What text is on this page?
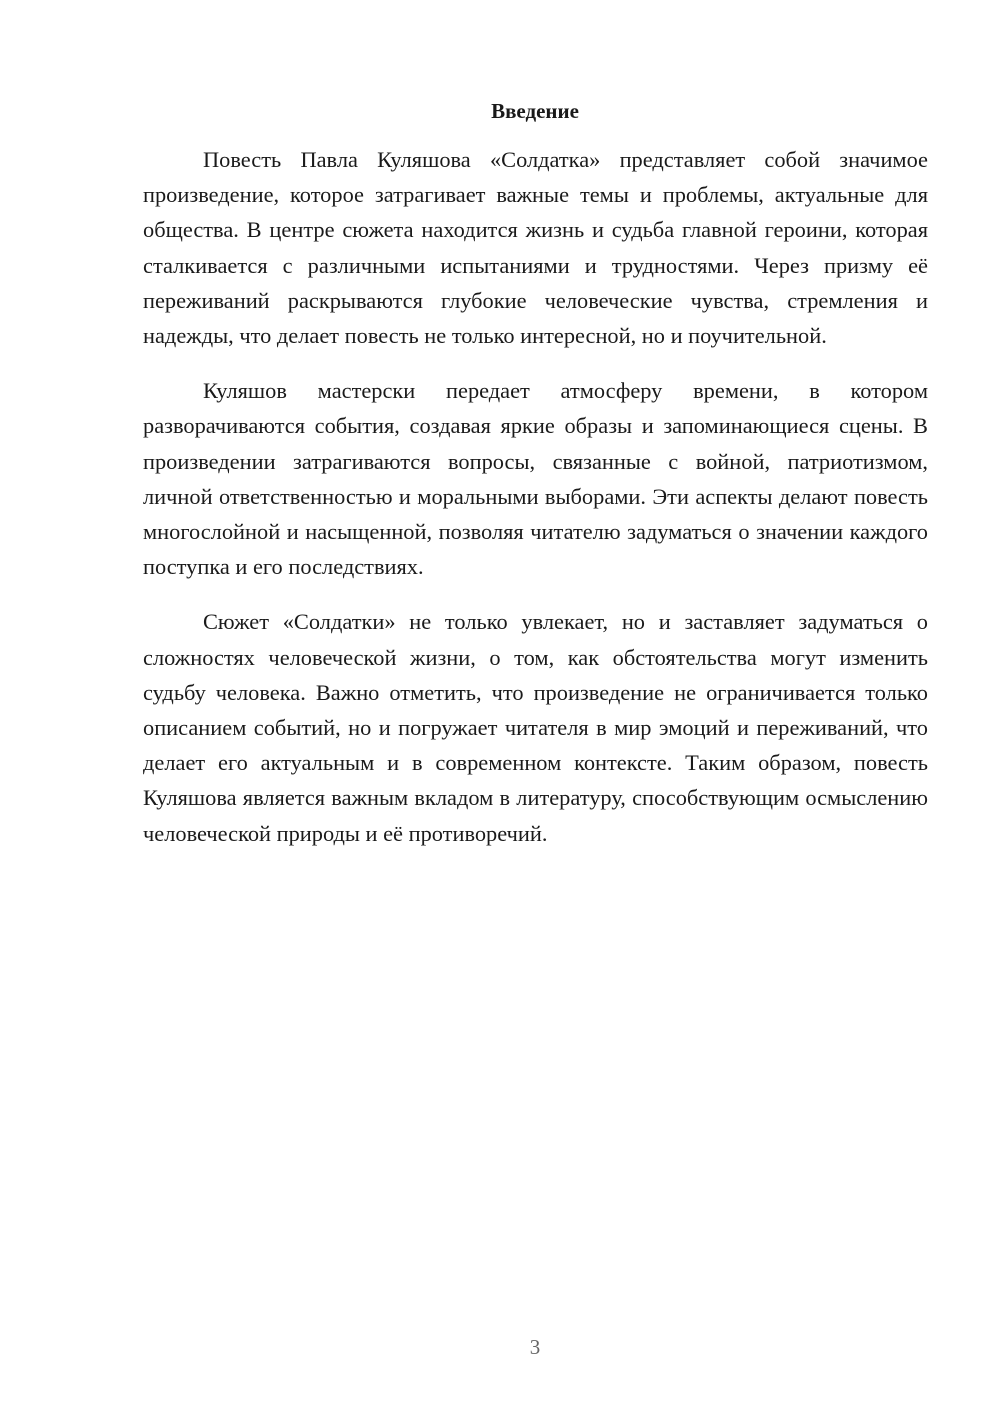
Введение

Повесть Павла Куляшова «Солдатка» представляет собой значимое произведение, которое затрагивает важные темы и проблемы, актуальные для общества. В центре сюжета находится жизнь и судьба главной героини, которая сталкивается с различными испытаниями и трудностями. Через призму её переживаний раскрываются глубокие человеческие чувства, стремления и надежды, что делает повесть не только интересной, но и поучительной.

Куляшов мастерски передает атмосферу времени, в котором разворачиваются события, создавая яркие образы и запоминающиеся сцены. В произведении затрагиваются вопросы, связанные с войной, патриотизмом, личной ответственностью и моральными выборами. Эти аспекты делают повесть многослойной и насыщенной, позволяя читателю задуматься о значении каждого поступка и его последствиях.

Сюжет «Солдатки» не только увлекает, но и заставляет задуматься о сложностях человеческой жизни, о том, как обстоятельства могут изменить судьбу человека. Важно отметить, что произведение не ограничивается только описанием событий, но и погружает читателя в мир эмоций и переживаний, что делает его актуальным и в современном контексте. Таким образом, повесть Куляшова является важным вкладом в литературу, способствующим осмыслению человеческой природы и её противоречий.

3
